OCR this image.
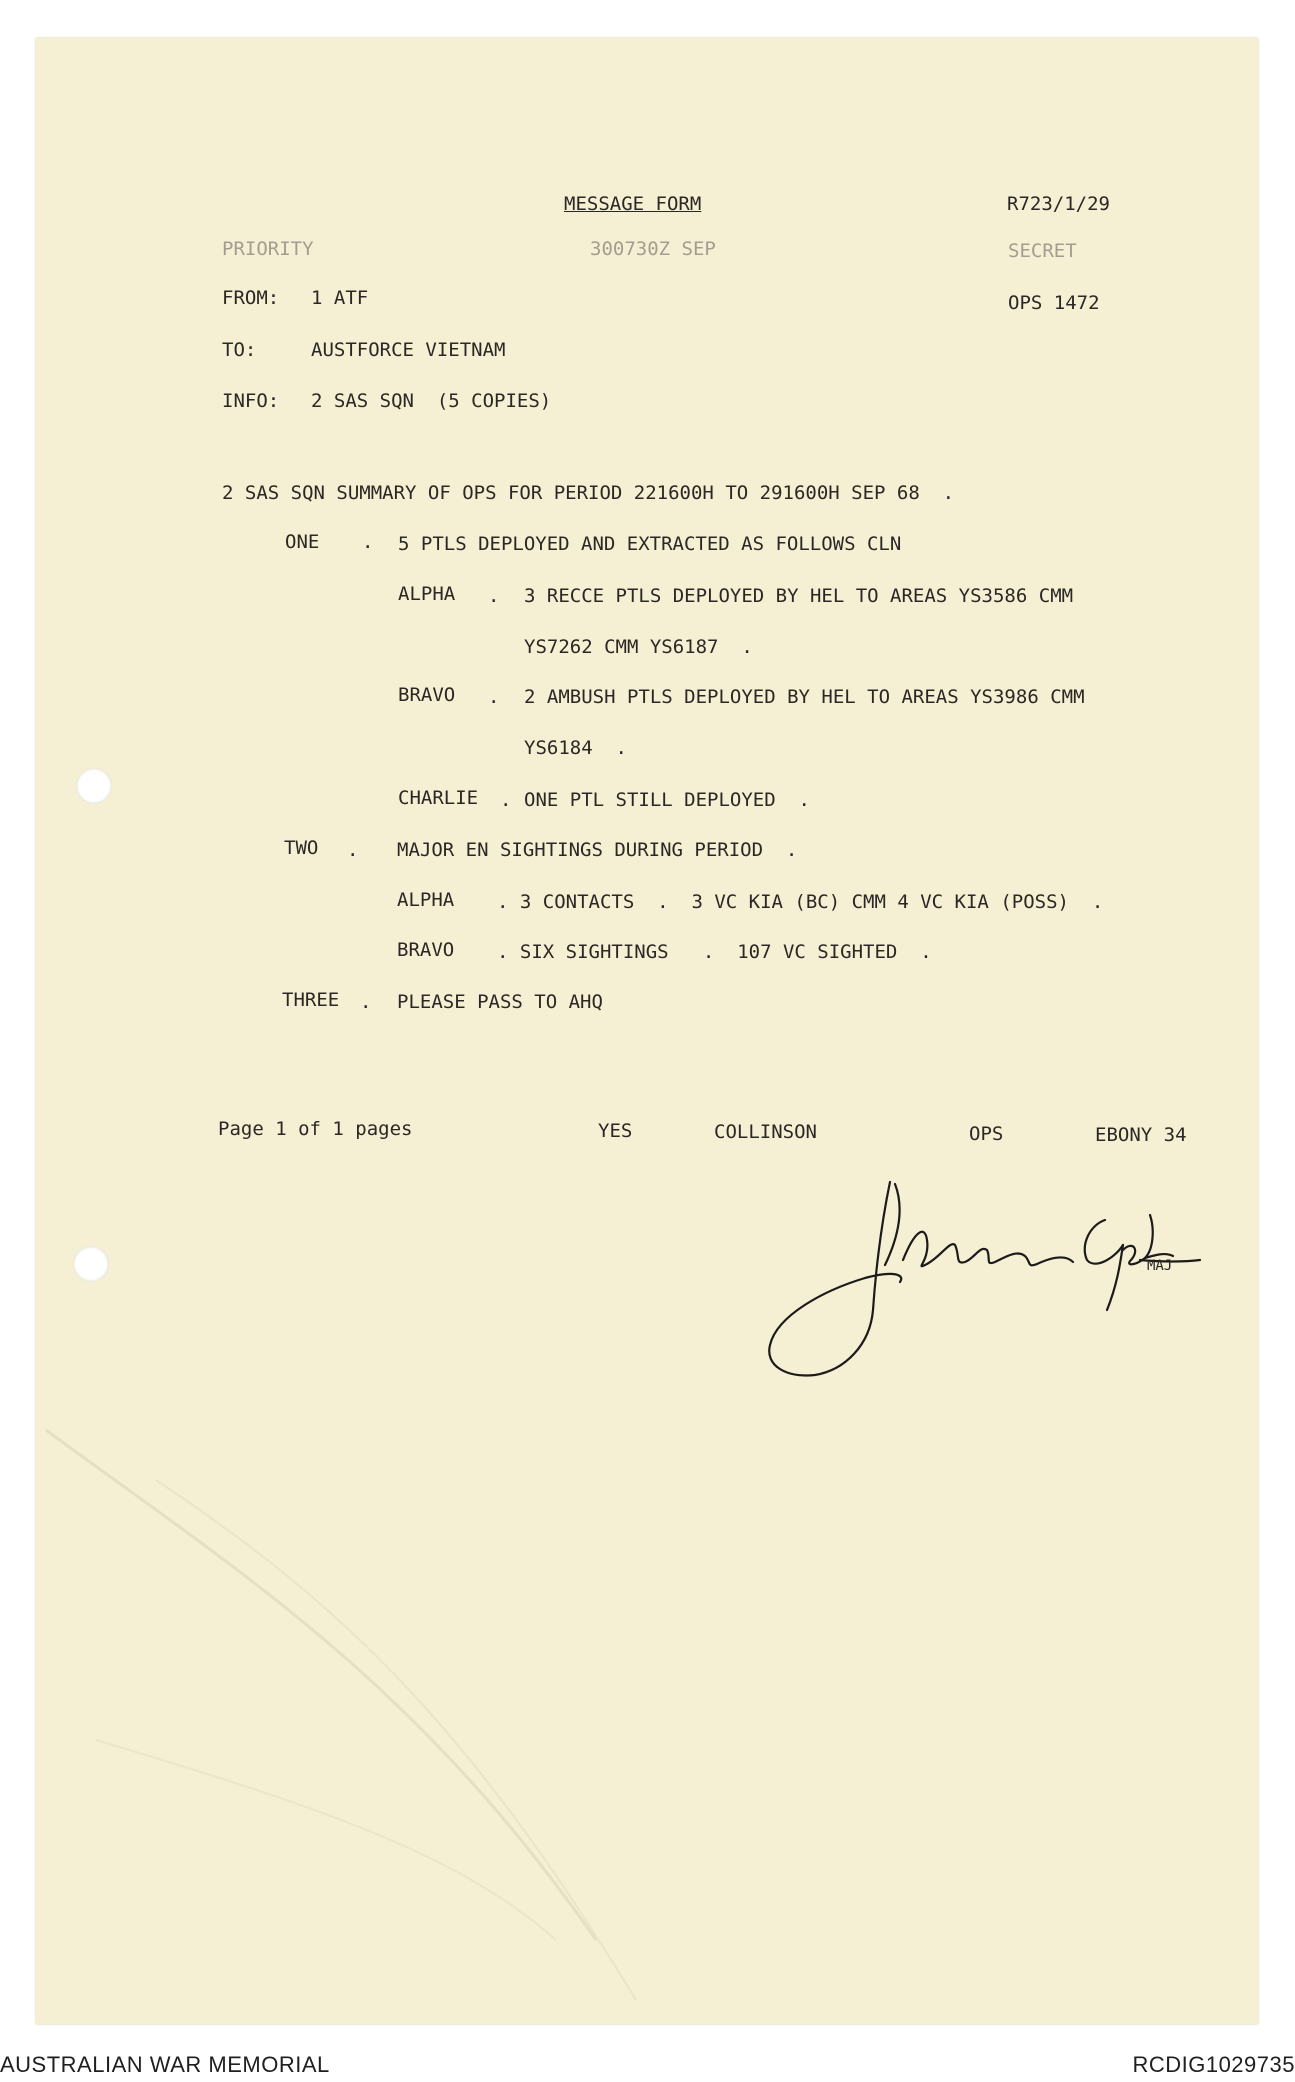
MESSAGE FORM	R723/1/29
PRIORITY	300730Z SEP	SECRET
OPS 1472
FROM: 1 ATF
TO:	AUSTFORCE VIETNAM
INFO: 2 SAS SQN  (5 COPIES)
2 SAS SQN SUMMARY OF OPS FOR PERIOD 221600H TO 291600H SEP 68  .
ONE . 5 PTLS DEPLOYED AND EXTRACTED AS FOLLOWS CLN
ALPHA . 3 RECCE PTLS DEPLOYED BY HEL TO AREAS YS3586 CMM
YS7262 CMM YS6187  .
BRAVO . 2 AMBUSH PTLS DEPLOYED BY HEL TO AREAS YS3986 CMM
YS6184  .
CHARLIE . ONE PTL STILL DEPLOYED  .
TWO . MAJOR EN SIGHTINGS DURING PERIOD  .
ALPHA . 3 CONTACTS  .  3 VC KIA (BC) CMM 4 VC KIA (POSS)  .
BRAVO . SIX SIGHTINGS   .  107 VC SIGHTED  .
THREE . PLEASE PASS TO AHQ
Page 1 of 1 pages	YES	COLLINSON	OPS	EBONY 34
MAJ
AUSTRALIAN WAR MEMORIAL	RCDIG1029735
